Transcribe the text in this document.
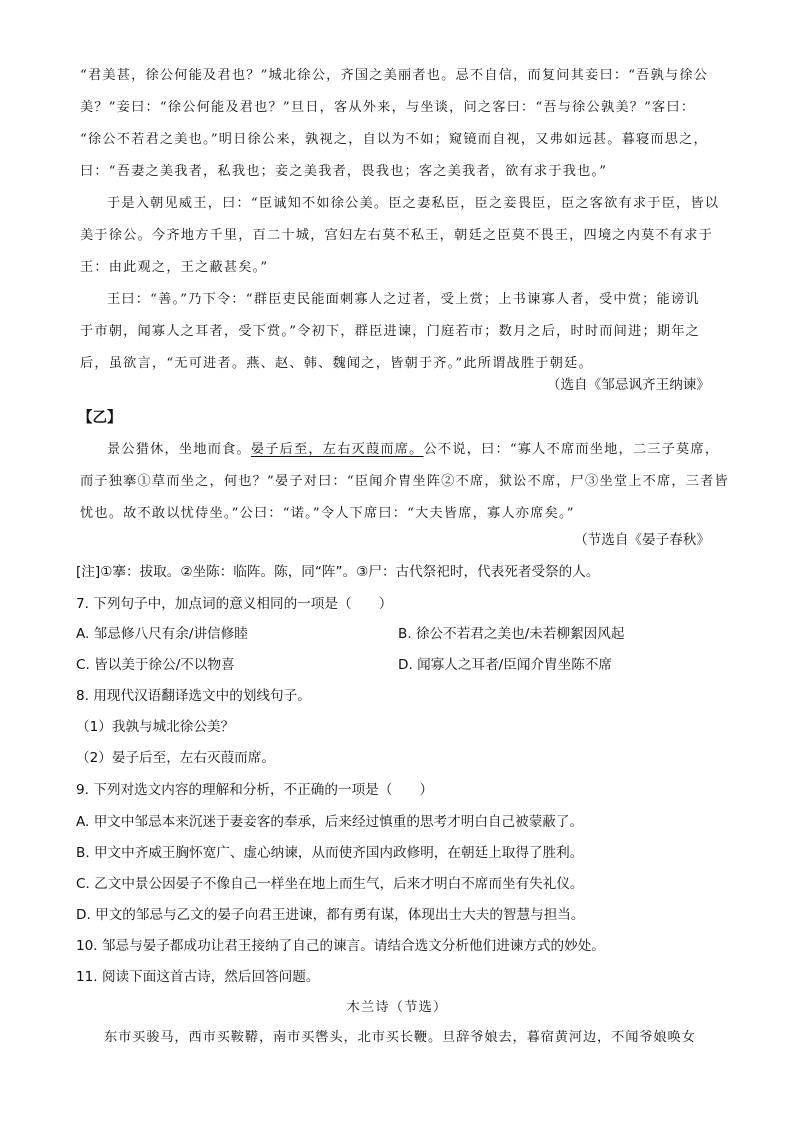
“君美甚，徐公何能及君也？”城北徐公，齐国之美丽者也。忌不自信，而复问其妾曰：“吾孰与徐公
美？”妾曰：“徐公何能及君也？”旦日，客从外来，与坐谈，问之客曰：“吾与徐公孰美？”客曰：
“徐公不若君之美也。”明日徐公来，孰视之，自以为不如；窥镜而自视，又弗如远甚。暮寝而思之，
曰：“吾妻之美我者，私我也；妾之美我者，畏我也；客之美我者，欲有求于我也。”
于是入朝见威王，曰：“臣诚知不如徐公美。臣之妻私臣，臣之妾畏臣，臣之客欲有求于臣，皆以
美于徐公。今齐地方千里，百二十城，宫妇左右莫不私王，朝廷之臣莫不畏王，四境之内莫不有求于
王：由此观之，王之蔽甚矣。”
王曰：“善。”乃下令：“群臣吏民能面刺寡人之过者，受上赏；上书谏寡人者，受中赏；能谤讥
于市朝，闻寡人之耳者，受下赏。”令初下，群臣进谏，门庭若市；数月之后，时时而间进；期年之
后，虽欲言，“无可进者。燕、赵、韩、魏闻之，皆朝于齐。”此所谓战胜于朝廷。
（选自《邹忌讽齐王纳谏》
【乙】
景公猎休，坐地而食。晏子后至，左右灭葭而席。公不说，曰：“寡人不席而坐地，二三子莫席，
而子独搴①草而坐之，何也？”晏子对曰：“臣闻介胄坐阵②不席，狱讼不席，尸③坐堂上不席，三者皆
忧也。故不敢以忧侍坐。”公曰：“诺。”令人下席曰：“大夫皆席，寡人亦席矣。”
（节选自《晏子春秋》
[注]①搴：拔取。②坐陈：临阵。陈，同“阵”。③尸：古代祭祀时，代表死者受祭的人。
7. 下列句子中，加点词的意义相同的一项是（　　）
A. 邹忌修八尺有余/讲信修睦	B. 徐公不若君之美也/未若柳絮因风起
C. 皆以美于徐公/不以物喜	D. 闻寡人之耳者/臣闻介胄坐陈不席
8. 用现代汉语翻译选文中的划线句子。
（1）我孰与城北徐公美？
（2）晏子后至，左右灭葭而席。
9. 下列对选文内容的理解和分析，不正确的一项是（　　）
A. 甲文中邹忌本来沉迷于妻妾客的奉承，后来经过慎重的思考才明白自己被蒙蔽了。
B. 甲文中齐威王胸怀宽广、虚心纳谏，从而使齐国内政修明，在朝廷上取得了胜利。
C. 乙文中景公因晏子不像自己一样坐在地上而生气，后来才明白不席而坐有失礼仪。
D. 甲文的邹忌与乙文的晏子向君王进谏，都有勇有谋，体现出士大夫的智慧与担当。
10. 邹忌与晏子都成功让君王接纳了自己的谏言。请结合选文分析他们进谏方式的妙处。
11. 阅读下面这首古诗，然后回答问题。
木兰诗（节选）
东市买骏马，西市买鞍鞯，南市买辔头，北市买长鞭。旦辞爷娘去，暮宿黄河边，不闻爷娘唤女
